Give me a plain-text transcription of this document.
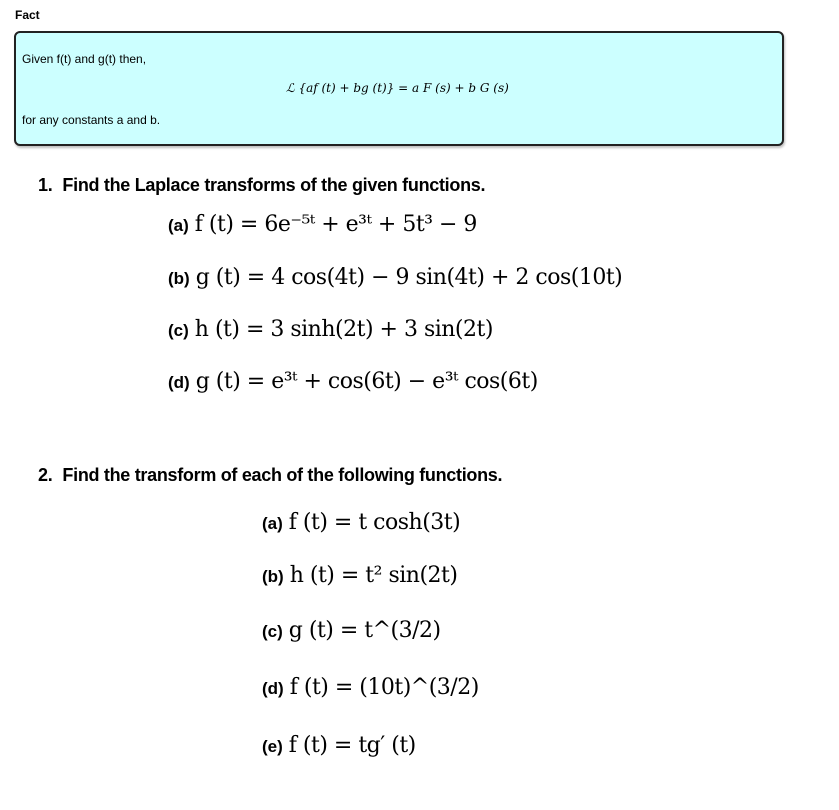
Fact
Given f(t) and g(t) then,
ℒ {af (t) + bg (t)} = a F (s) + b G (s)
for any constants a and b.
1. Find the Laplace transforms of the given functions.
(a) f (t) = 6e⁻⁵ᵗ + e³ᵗ + 5t³ − 9
(b) g (t) = 4 cos(4t) − 9 sin(4t) + 2 cos(10t)
(c) h (t) = 3 sinh(2t) + 3 sin(2t)
(d) g (t) = e³ᵗ + cos(6t) − e³ᵗ cos(6t)
2. Find the transform of each of the following functions.
(a) f (t) = t cosh(3t)
(b) h (t) = t² sin(2t)
(c) g (t) = t^(3/2)
(d) f (t) = (10t)^(3/2)
(e) f (t) = tg′ (t)
